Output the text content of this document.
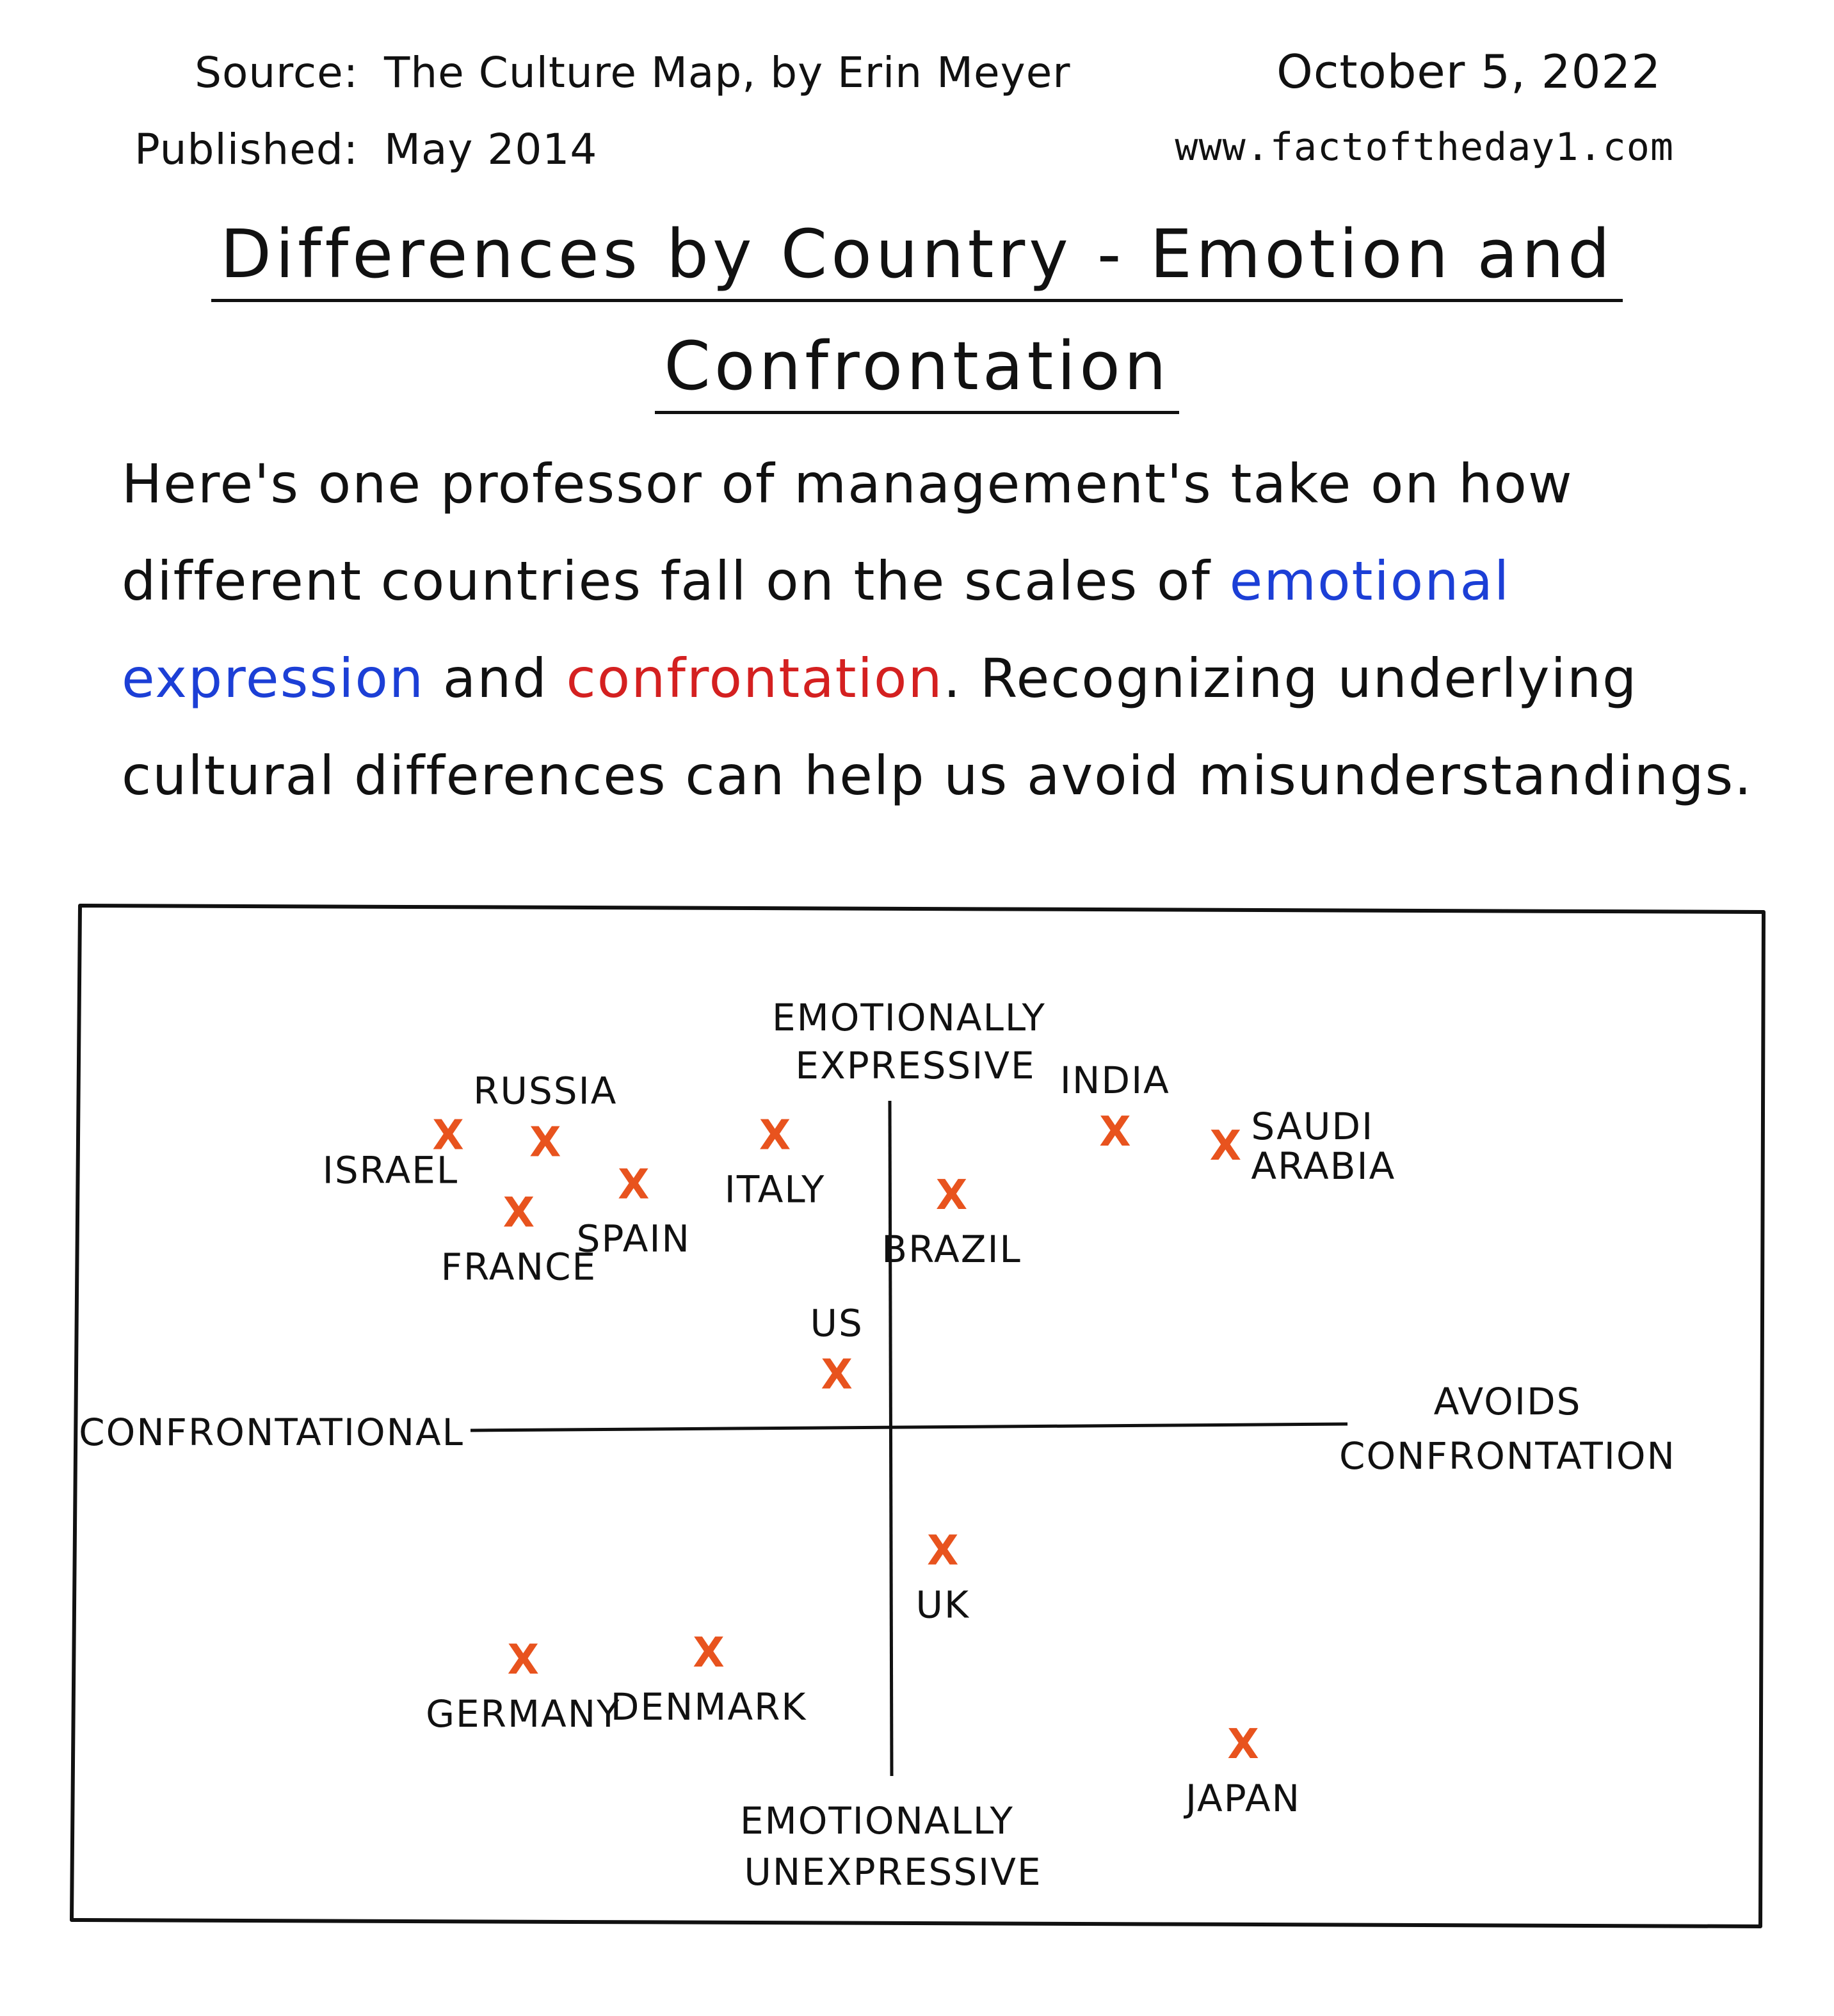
Source: The Culture Map, by Erin Meyer
Published: May 2014
October 5, 2022
www.factoftheday1.com
Differences by Country - Emotion and
Confrontation
Here's one professor of management's take on how different countries fall on the scales of emotional expression and confrontation. Recognizing underlying cultural differences can help us avoid misunderstandings.
EMOTIONALLY
EXPRESSIVE
EMOTIONALLY
UNEXPRESSIVE
CONFRONTATIONAL
AVOIDS
CONFRONTATION
X
ISRAEL
X
RUSSIA
X
FRANCE
X
SPAIN
X
ITALY
X
US
X
BRAZIL
X
INDIA
X SAUDI
ARABIA
X
UK
X
GERMANY
X
DENMARK
X
JAPAN
